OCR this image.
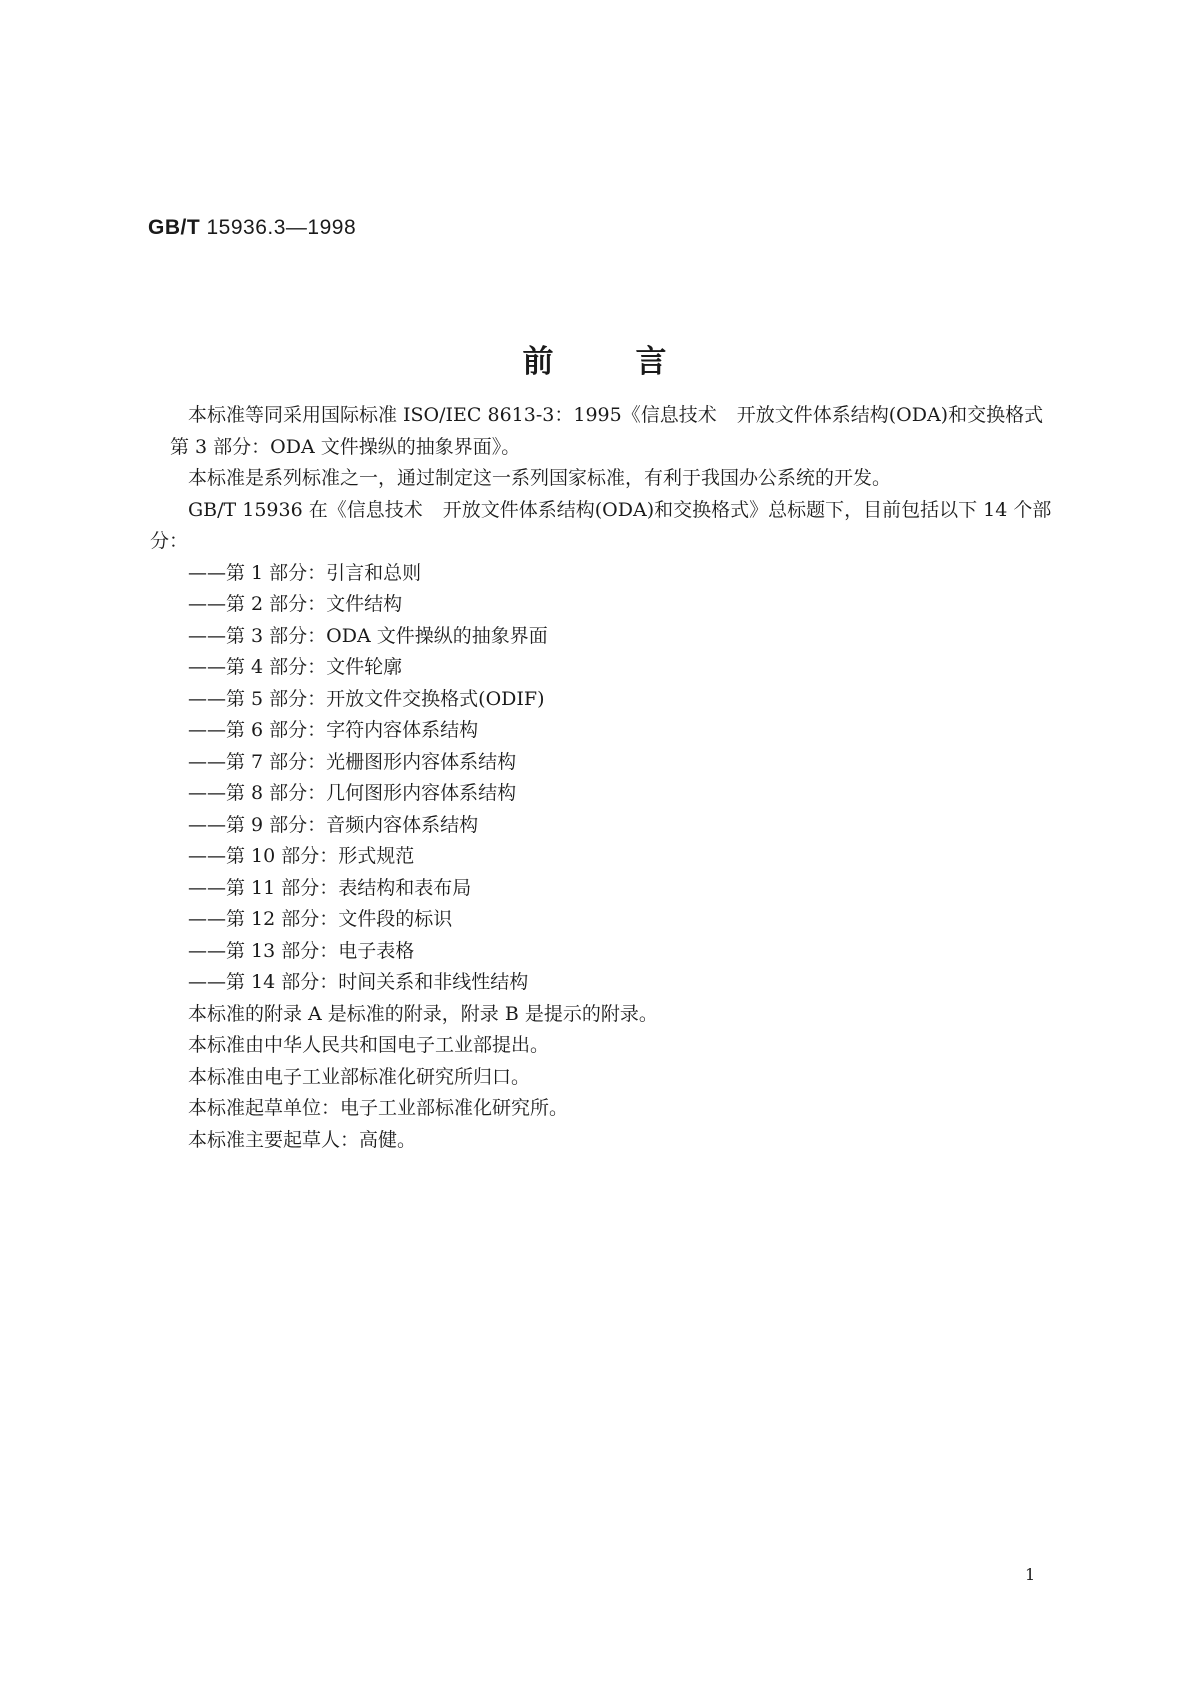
GB/T 15936.3—1998
前	言
本标准等同采用国际标准 ISO/IEC 8613-3：1995《信息技术 开放文件体系结构(ODA)和交换格式第 3 部分：ODA 文件操纵的抽象界面》。
本标准是系列标准之一，通过制定这一系列国家标准，有利于我国办公系统的开发。
GB/T 15936 在《信息技术 开放文件体系结构(ODA)和交换格式》总标题下，目前包括以下 14 个部分：
——第 1 部分：引言和总则
——第 2 部分：文件结构
——第 3 部分：ODA 文件操纵的抽象界面
——第 4 部分：文件轮廓
——第 5 部分：开放文件交换格式(ODIF)
——第 6 部分：字符内容体系结构
——第 7 部分：光栅图形内容体系结构
——第 8 部分：几何图形内容体系结构
——第 9 部分：音频内容体系结构
——第 10 部分：形式规范
——第 11 部分：表结构和表布局
——第 12 部分：文件段的标识
——第 13 部分：电子表格
——第 14 部分：时间关系和非线性结构
本标准的附录 A 是标准的附录，附录 B 是提示的附录。
本标准由中华人民共和国电子工业部提出。
本标准由电子工业部标准化研究所归口。
本标准起草单位：电子工业部标准化研究所。
本标准主要起草人：高健。
1
